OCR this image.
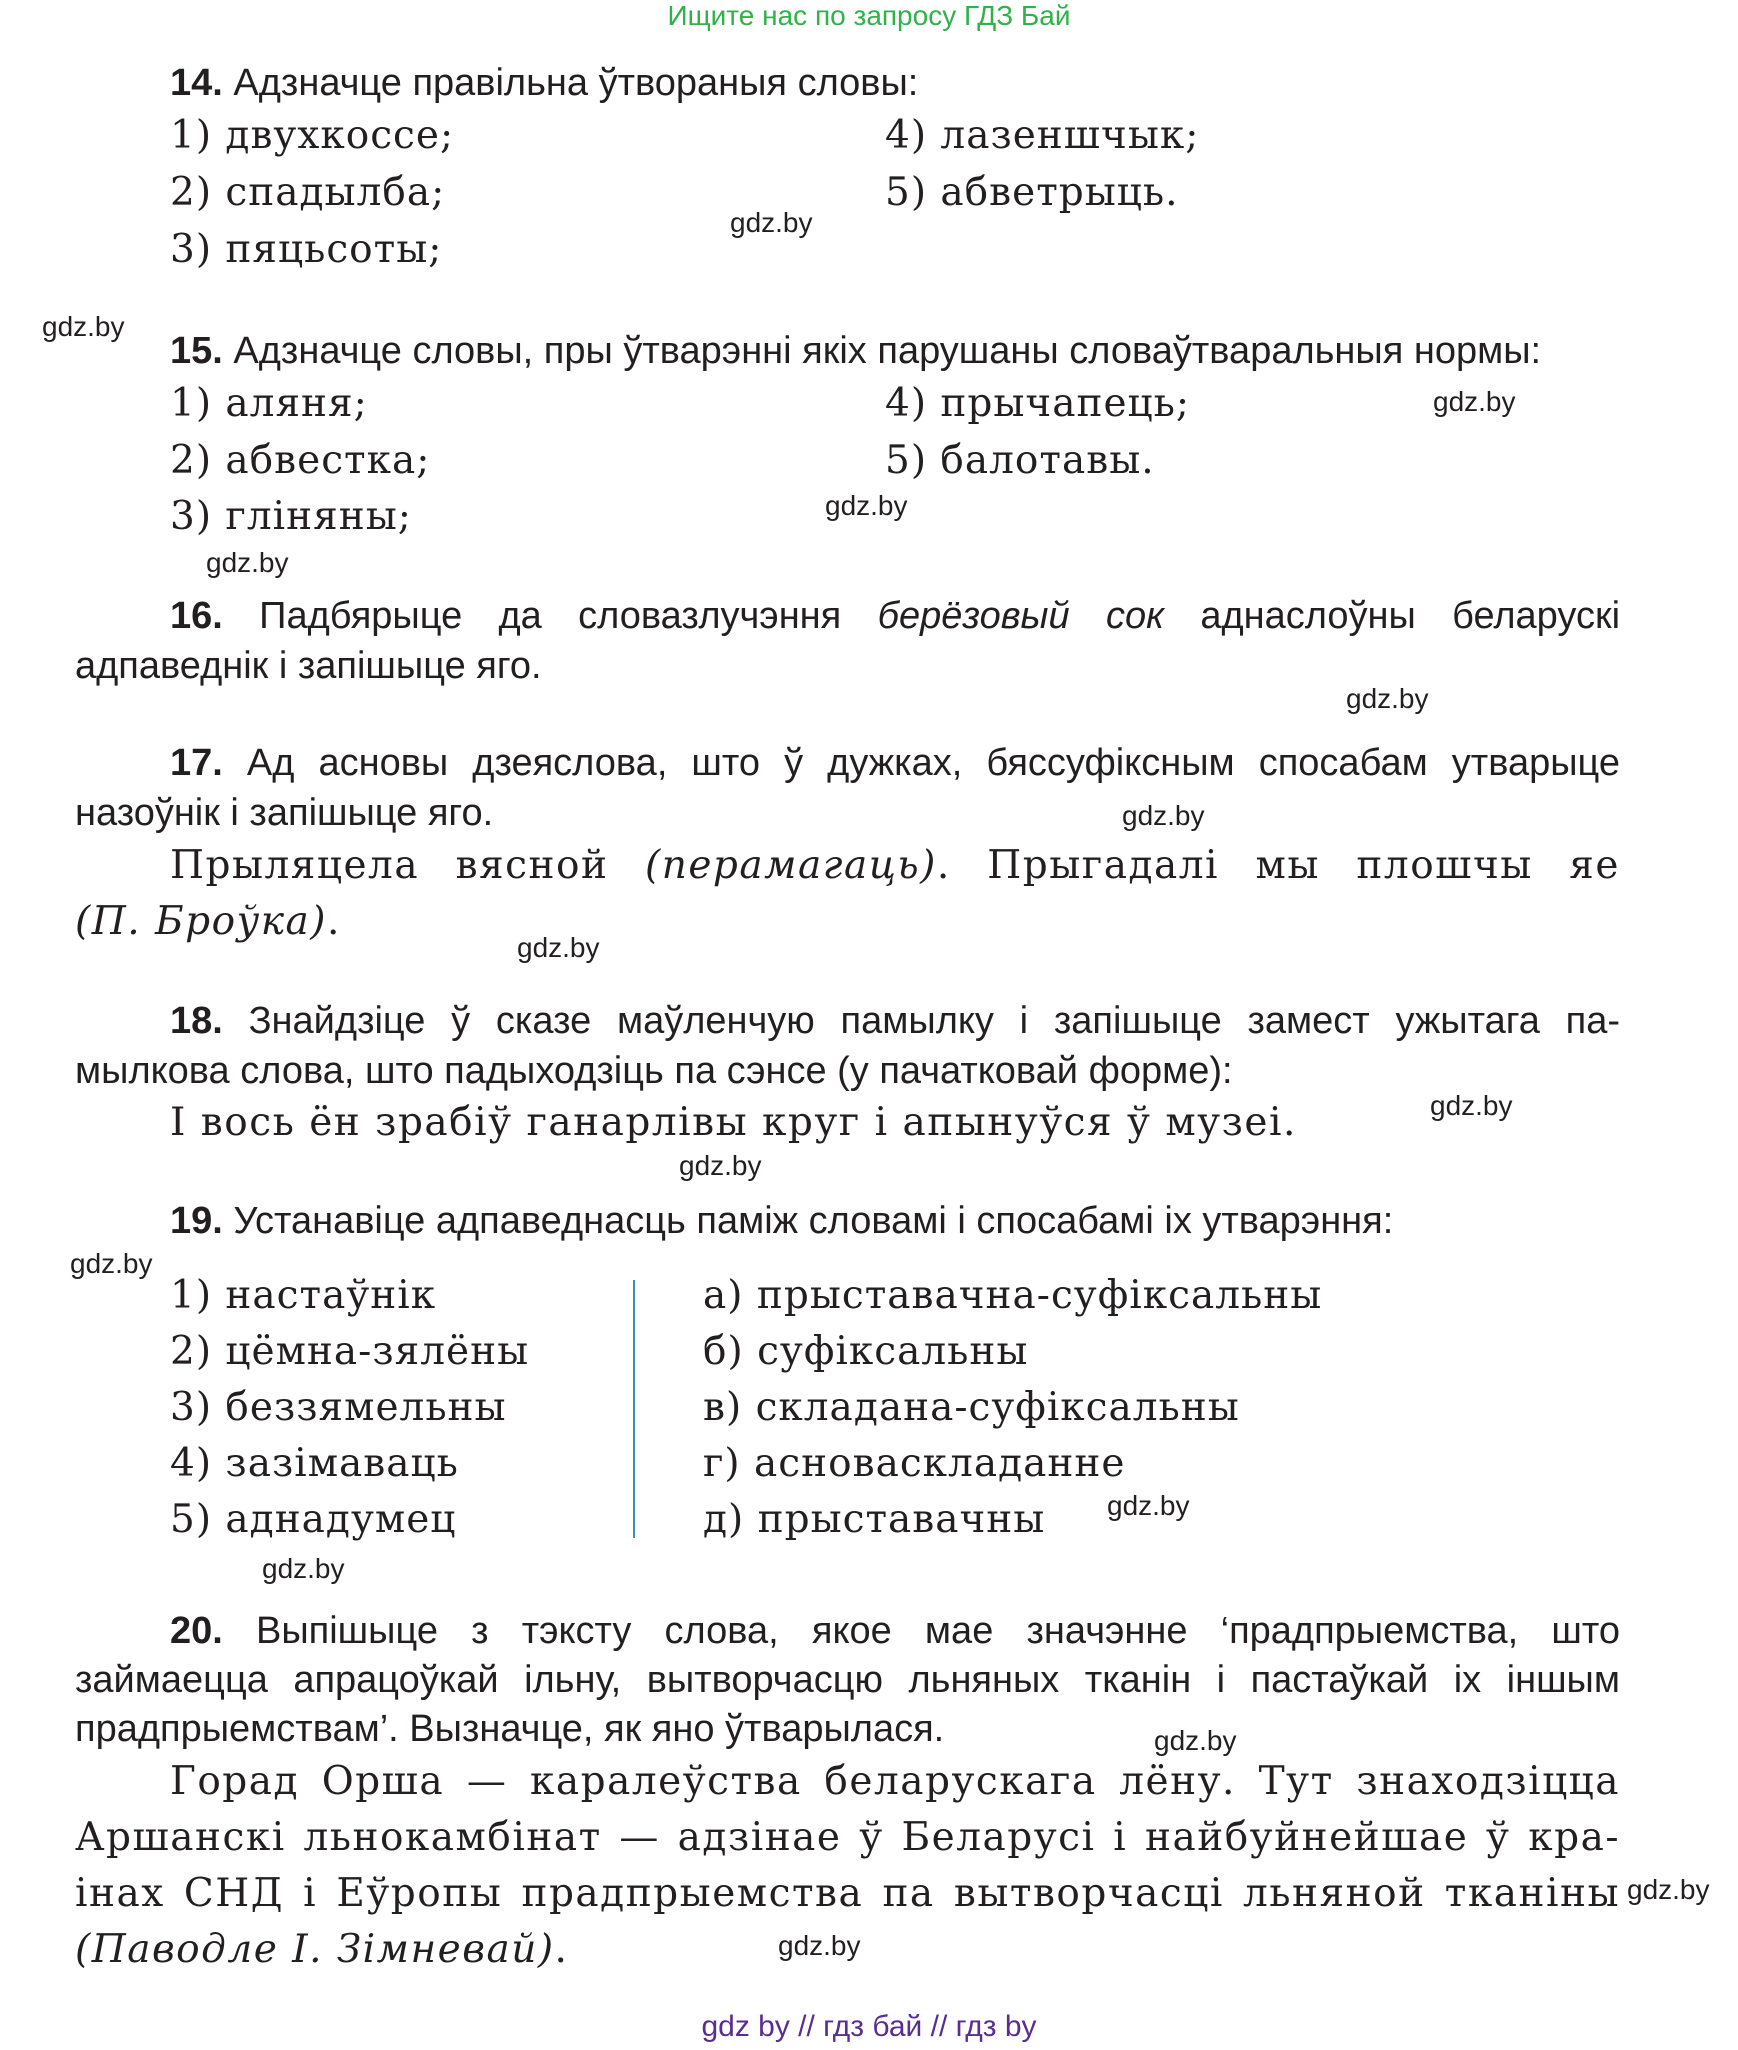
Ищите нас по запросу ГДЗ Бай
14. Адзначце правільна ўтвораныя словы:
1) двухкоссе;
2) спадылба;
3) пяцьсоты;
4) лазеншчык;
5) абветрыць.
15. Адзначце словы, пры ўтварэнні якіх парушаны словаўтваральныя нормы:
1) аляня;
2) абвестка;
3) гліняны;
4) прычапець;
5) балотавы.
16. Падбярыце да словазлучэння берёзовый сок аднаслоўны беларускі
адпаведнік і запішыце яго.
17. Ад асновы дзеяслова, што ў дужках, бяссуфіксным спосабам утварыце
назоўнік і запішыце яго.
Прыляцела вясной (перамагаць). Прыгадалі мы плошчы яе
(П. Броўка).
18. Знайдзіце ў сказе маўленчую памылку і запішыце замест ужытага па-
мылкова слова, што падыходзіць па сэнсе (у пачатковай форме):
І вось ён зрабіў ганарлівы круг і апынуўся ў музеі.
19. Устанавіце адпаведнасць паміж словамі і спосабамі іх утварэння:
1) настаўнік
2) цёмна-зялёны
3) беззямельны
4) зазімаваць
5) аднадумец
а) прыставачна-суфіксальны
б) суфіксальны
в) складана-суфіксальны
г) асноваскладанне
д) прыставачны
20. Выпішыце з тэксту слова, якое мае значэнне ‘прадпрыемства, што
займаецца апрацоўкай ільну, вытворчасцю льняных тканін і пастаўкай іх іншым
прадпрыемствам’. Вызначце, як яно ўтварылася.
Горад Орша — каралеўства беларускага лёну. Тут знаходзіцца
Аршанскі льнокамбінат — адзінае ў Беларусі і найбуйнейшае ў кра-
інах СНД і Еўропы прадпрыемства па вытворчасці льняной тканіны
(Паводле І. Зімневай).
gdz.by
gdz.by
gdz.by
gdz.by
gdz.by
gdz.by
gdz.by
gdz.by
gdz.by
gdz.by
gdz.by
gdz.by
gdz.by
gdz.by
gdz.by
gdz.by
gdz by // гдз бай // гдз by
